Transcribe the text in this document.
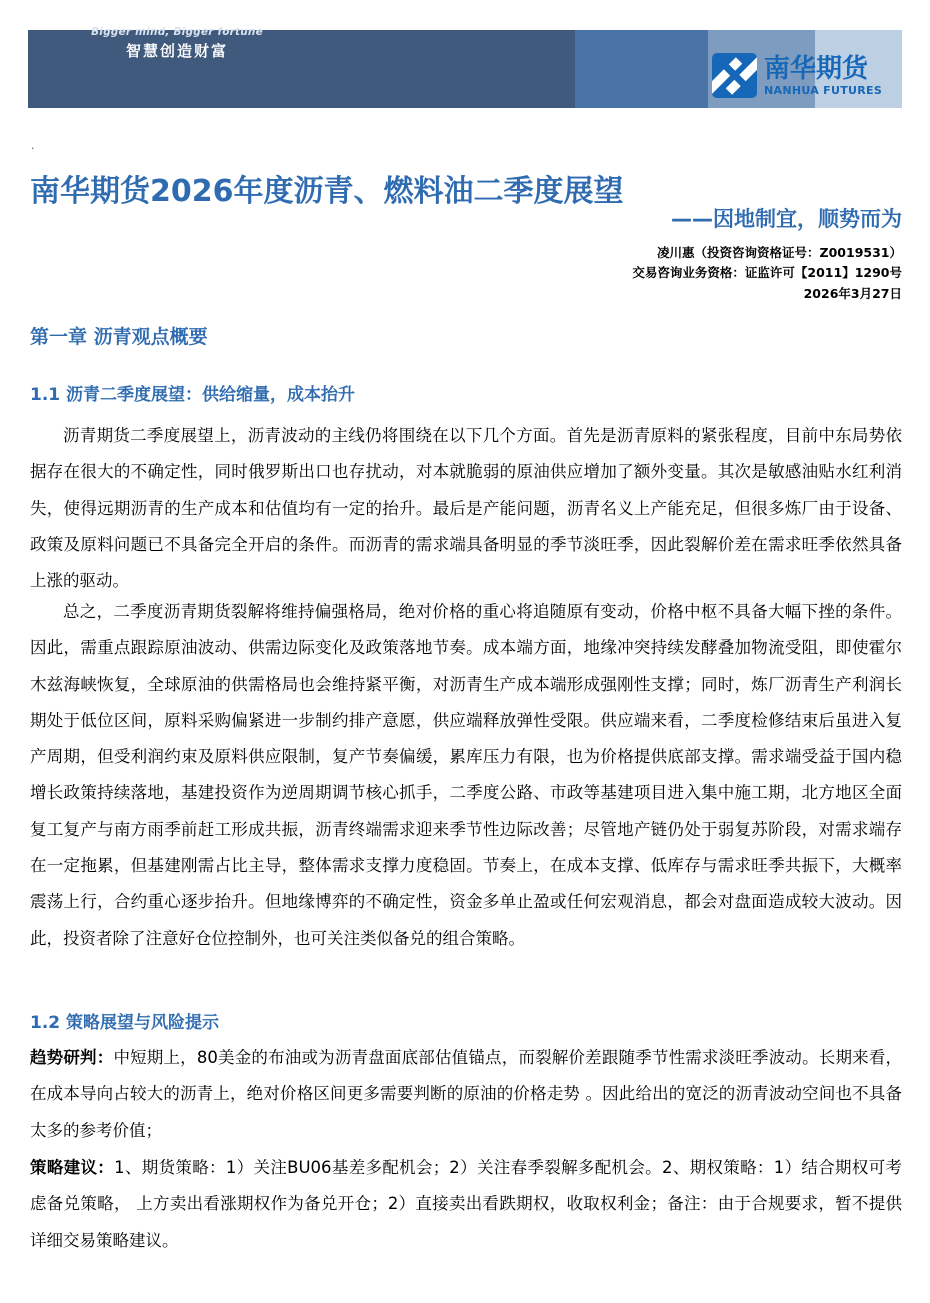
Bigger mind, Bigger fortune
智慧创造财富
南华期货
NANHUA FUTURES
.
南华期货2026年度沥青、燃料油二季度展望
——因地制宜，顺势而为
凌川惠（投资咨询资格证号：Z0019531）
交易咨询业务资格：证监许可【2011】1290号
2026年3月27日
第一章 沥青观点概要
1.1 沥青二季度展望：供给缩量，成本抬升
沥青期货二季度展望上，沥青波动的主线仍将围绕在以下几个方面。首先是沥青原料的紧张程度，目前中东局势依据存在很大的不确定性，同时俄罗斯出口也存扰动，对本就脆弱的原油供应增加了额外变量。其次是敏感油贴水红利消失，使得远期沥青的生产成本和估值均有一定的抬升。最后是产能问题，沥青名义上产能充足，但很多炼厂由于设备、政策及原料问题已不具备完全开启的条件。而沥青的需求端具备明显的季节淡旺季，因此裂解价差在需求旺季依然具备上涨的驱动。
总之，二季度沥青期货裂解将维持偏强格局，绝对价格的重心将追随原有变动，价格中枢不具备大幅下挫的条件。因此，需重点跟踪原油波动、供需边际变化及政策落地节奏。成本端方面，地缘冲突持续发酵叠加物流受阻，即使霍尔木兹海峡恢复，全球原油的供需格局也会维持紧平衡，对沥青生产成本端形成强刚性支撑；同时，炼厂沥青生产利润长期处于低位区间，原料采购偏紧进一步制约排产意愿，供应端释放弹性受限。供应端来看，二季度检修结束后虽进入复产周期，但受利润约束及原料供应限制，复产节奏偏缓，累库压力有限，也为价格提供底部支撑。需求端受益于国内稳增长政策持续落地，基建投资作为逆周期调节核心抓手，二季度公路、市政等基建项目进入集中施工期，北方地区全面复工复产与南方雨季前赶工形成共振，沥青终端需求迎来季节性边际改善；尽管地产链仍处于弱复苏阶段，对需求端存在一定拖累，但基建刚需占比主导，整体需求支撑力度稳固。节奏上，在成本支撑、低库存与需求旺季共振下，大概率震荡上行，合约重心逐步抬升。但地缘博弈的不确定性，资金多单止盈或任何宏观消息，都会对盘面造成较大波动。因此，投资者除了注意好仓位控制外，也可关注类似备兑的组合策略。
1.2 策略展望与风险提示
趋势研判：中短期上，80美金的布油或为沥青盘面底部估值锚点，而裂解价差跟随季节性需求淡旺季波动。长期来看，在成本导向占较大的沥青上，绝对价格区间更多需要判断的原油的价格走势 。因此给出的宽泛的沥青波动空间也不具备太多的参考价值；
策略建议：1、期货策略：1）关注BU06基差多配机会；2）关注春季裂解多配机会。2、期权策略：1）结合期权可考虑备兑策略， 上方卖出看涨期权作为备兑开仓；2）直接卖出看跌期权，收取权利金；备注：由于合规要求，暂不提供详细交易策略建议。
